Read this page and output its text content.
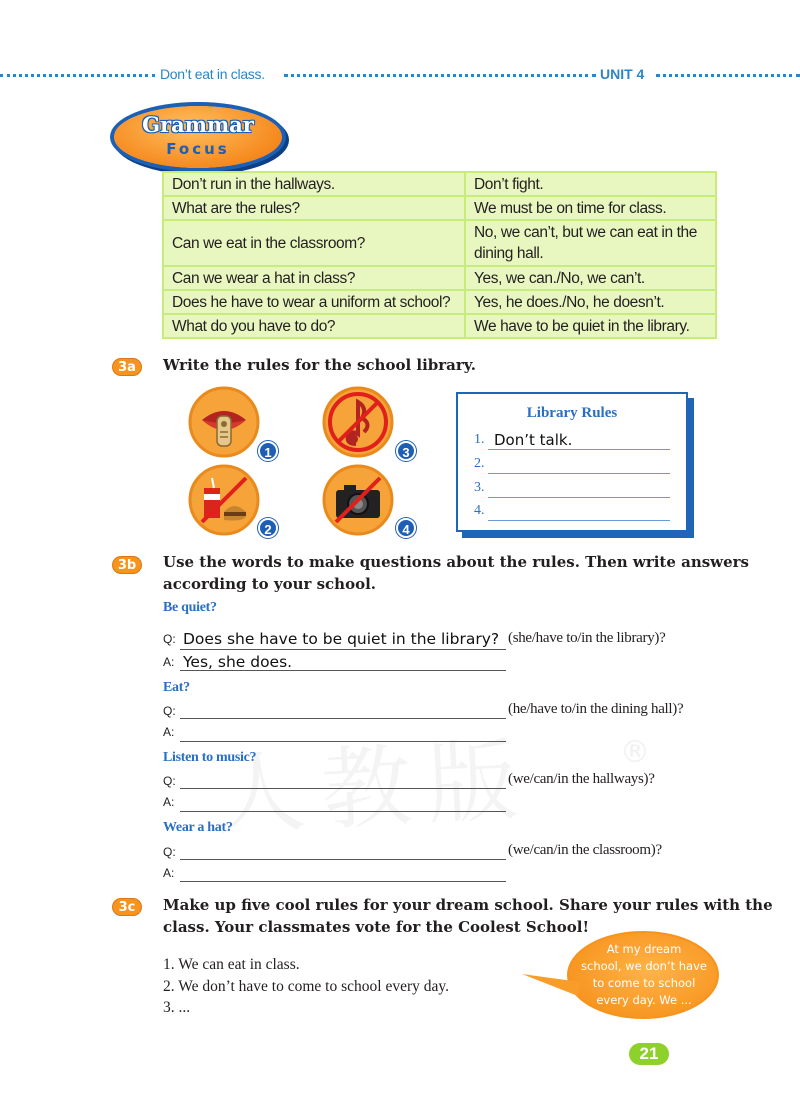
Don’t eat in class.	UNIT 4
Grammar
Focus
Don’t run in the hallways.	Don’t fight.
What are the rules?	We must be on time for class.
Can we eat in the classroom?	No, we can’t, but we can eat in the dining hall.
Can we wear a hat in class?	Yes, we can./No, we can’t.
Does he have to wear a uniform at school?	Yes, he does./No, he doesn’t.
What do you have to do?	We have to be quiet in the library.
3a	Write the rules for the school library.
1	3
2	4
Library Rules
1. Don’t talk.
2.
3.
4.
3b	Use the words to make questions about the rules. Then write answers
according to your school.
®
Be quiet?
Q: Does she have to be quiet in the library? (she/have to/in the library)?
A: Yes, she does.
Eat?
Q:	(he/have to/in the dining hall)?
A:
Listen to music?
Q:	(we/can/in the hallways)?
A:
Wear a hat?
Q:	(we/can/in the classroom)?
A:
3c	Make up five cool rules for your dream school. Share your rules with the
class. Your classmates vote for the Coolest School!
1. We can eat in class.
2. We don’t have to come to school every day.
3. ...
At my dream
school, we don’t have
to come to school
every day. We ...
21
